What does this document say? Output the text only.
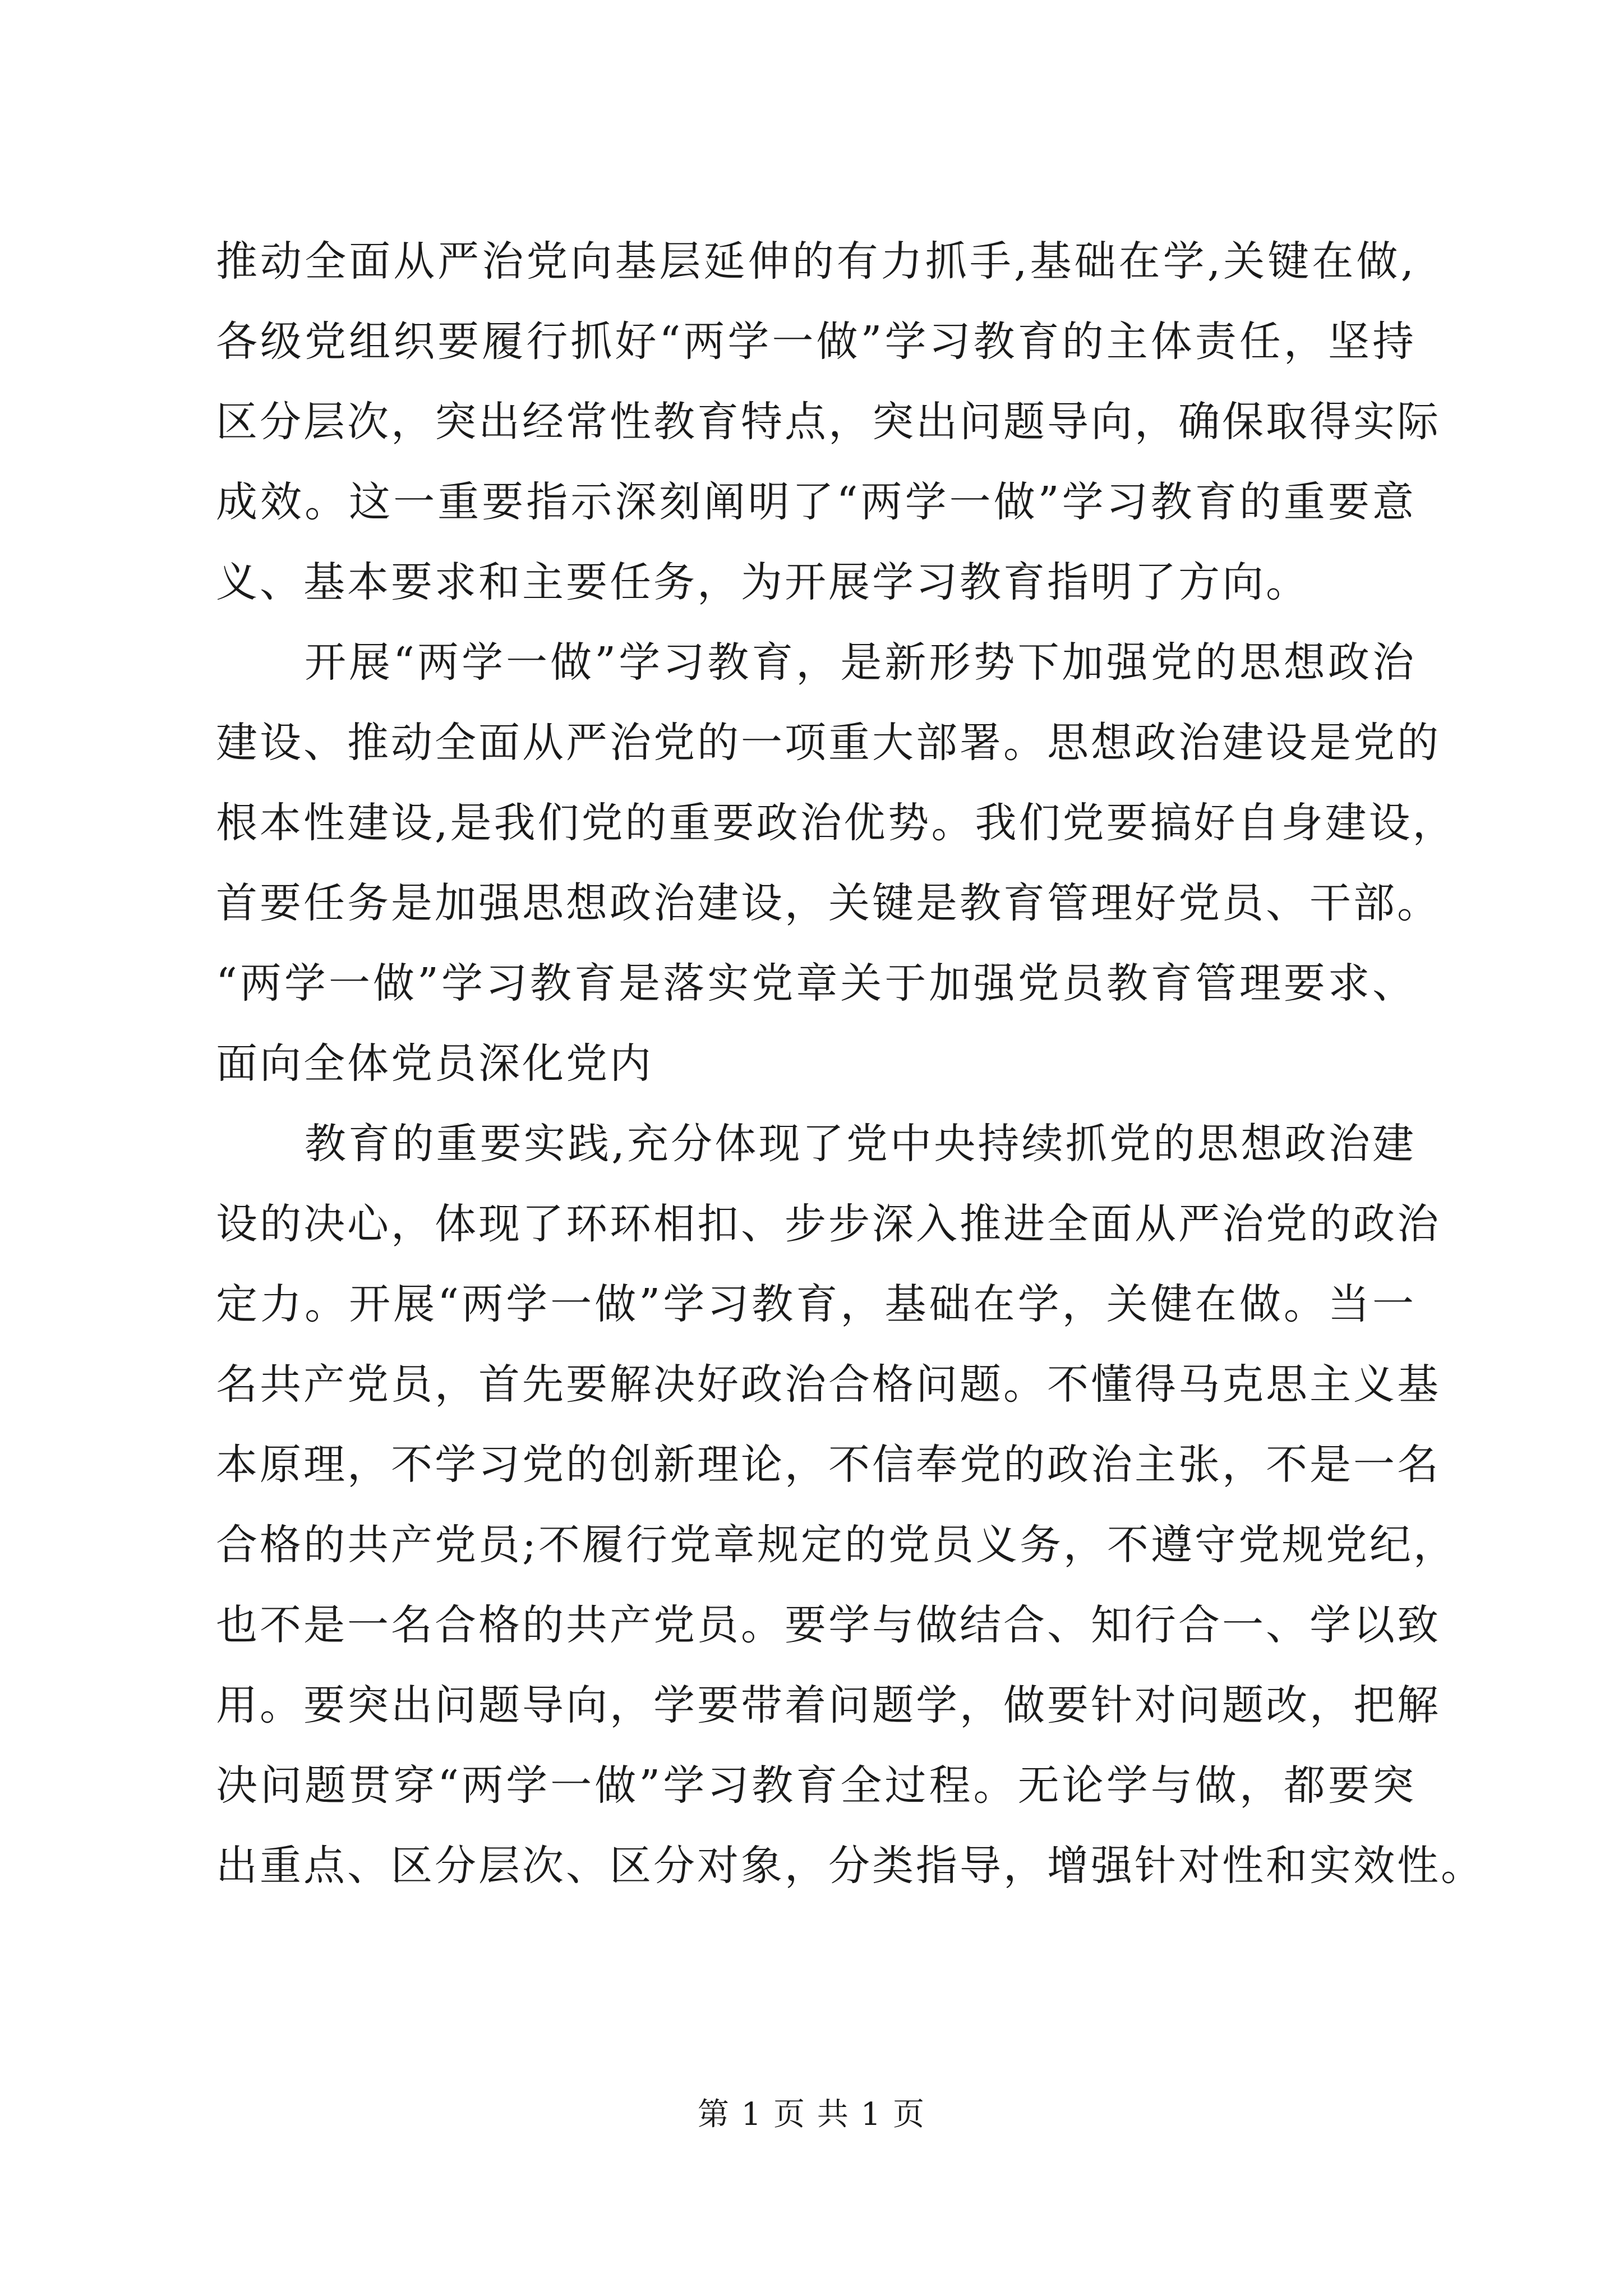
推动全面从严治党向基层延伸的有力抓手,基础在学,关键在做,
各级党组织要履行抓好“两学一做”学习教育的主体责任，坚持
区分层次，突出经常性教育特点，突出问题导向，确保取得实际
成效。这一重要指示深刻阐明了“两学一做”学习教育的重要意
义、基本要求和主要任务，为开展学习教育指明了方向。
开展“两学一做”学习教育，是新形势下加强党的思想政治
建设、推动全面从严治党的一项重大部署。思想政治建设是党的
根本性建设,是我们党的重要政治优势。我们党要搞好自身建设，
首要任务是加强思想政治建设，关键是教育管理好党员、干部。
“两学一做”学习教育是落实党章关于加强党员教育管理要求、
面向全体党员深化党内
教育的重要实践,充分体现了党中央持续抓党的思想政治建
设的决心，体现了环环相扣、步步深入推进全面从严治党的政治
定力。开展“两学一做”学习教育，基础在学，关健在做。当一
名共产党员，首先要解决好政治合格问题。不懂得马克思主义基
本原理，不学习党的创新理论，不信奉党的政治主张，不是一名
合格的共产党员;不履行党章规定的党员义务，不遵守党规党纪，
也不是一名合格的共产党员。要学与做结合、知行合一、学以致
用。要突出问题导向，学要带着问题学，做要针对问题改，把解
决问题贯穿“两学一做”学习教育全过程。无论学与做，都要突
出重点、区分层次、区分对象，分类指导，增强针对性和实效性。
第 1 页 共 1 页
